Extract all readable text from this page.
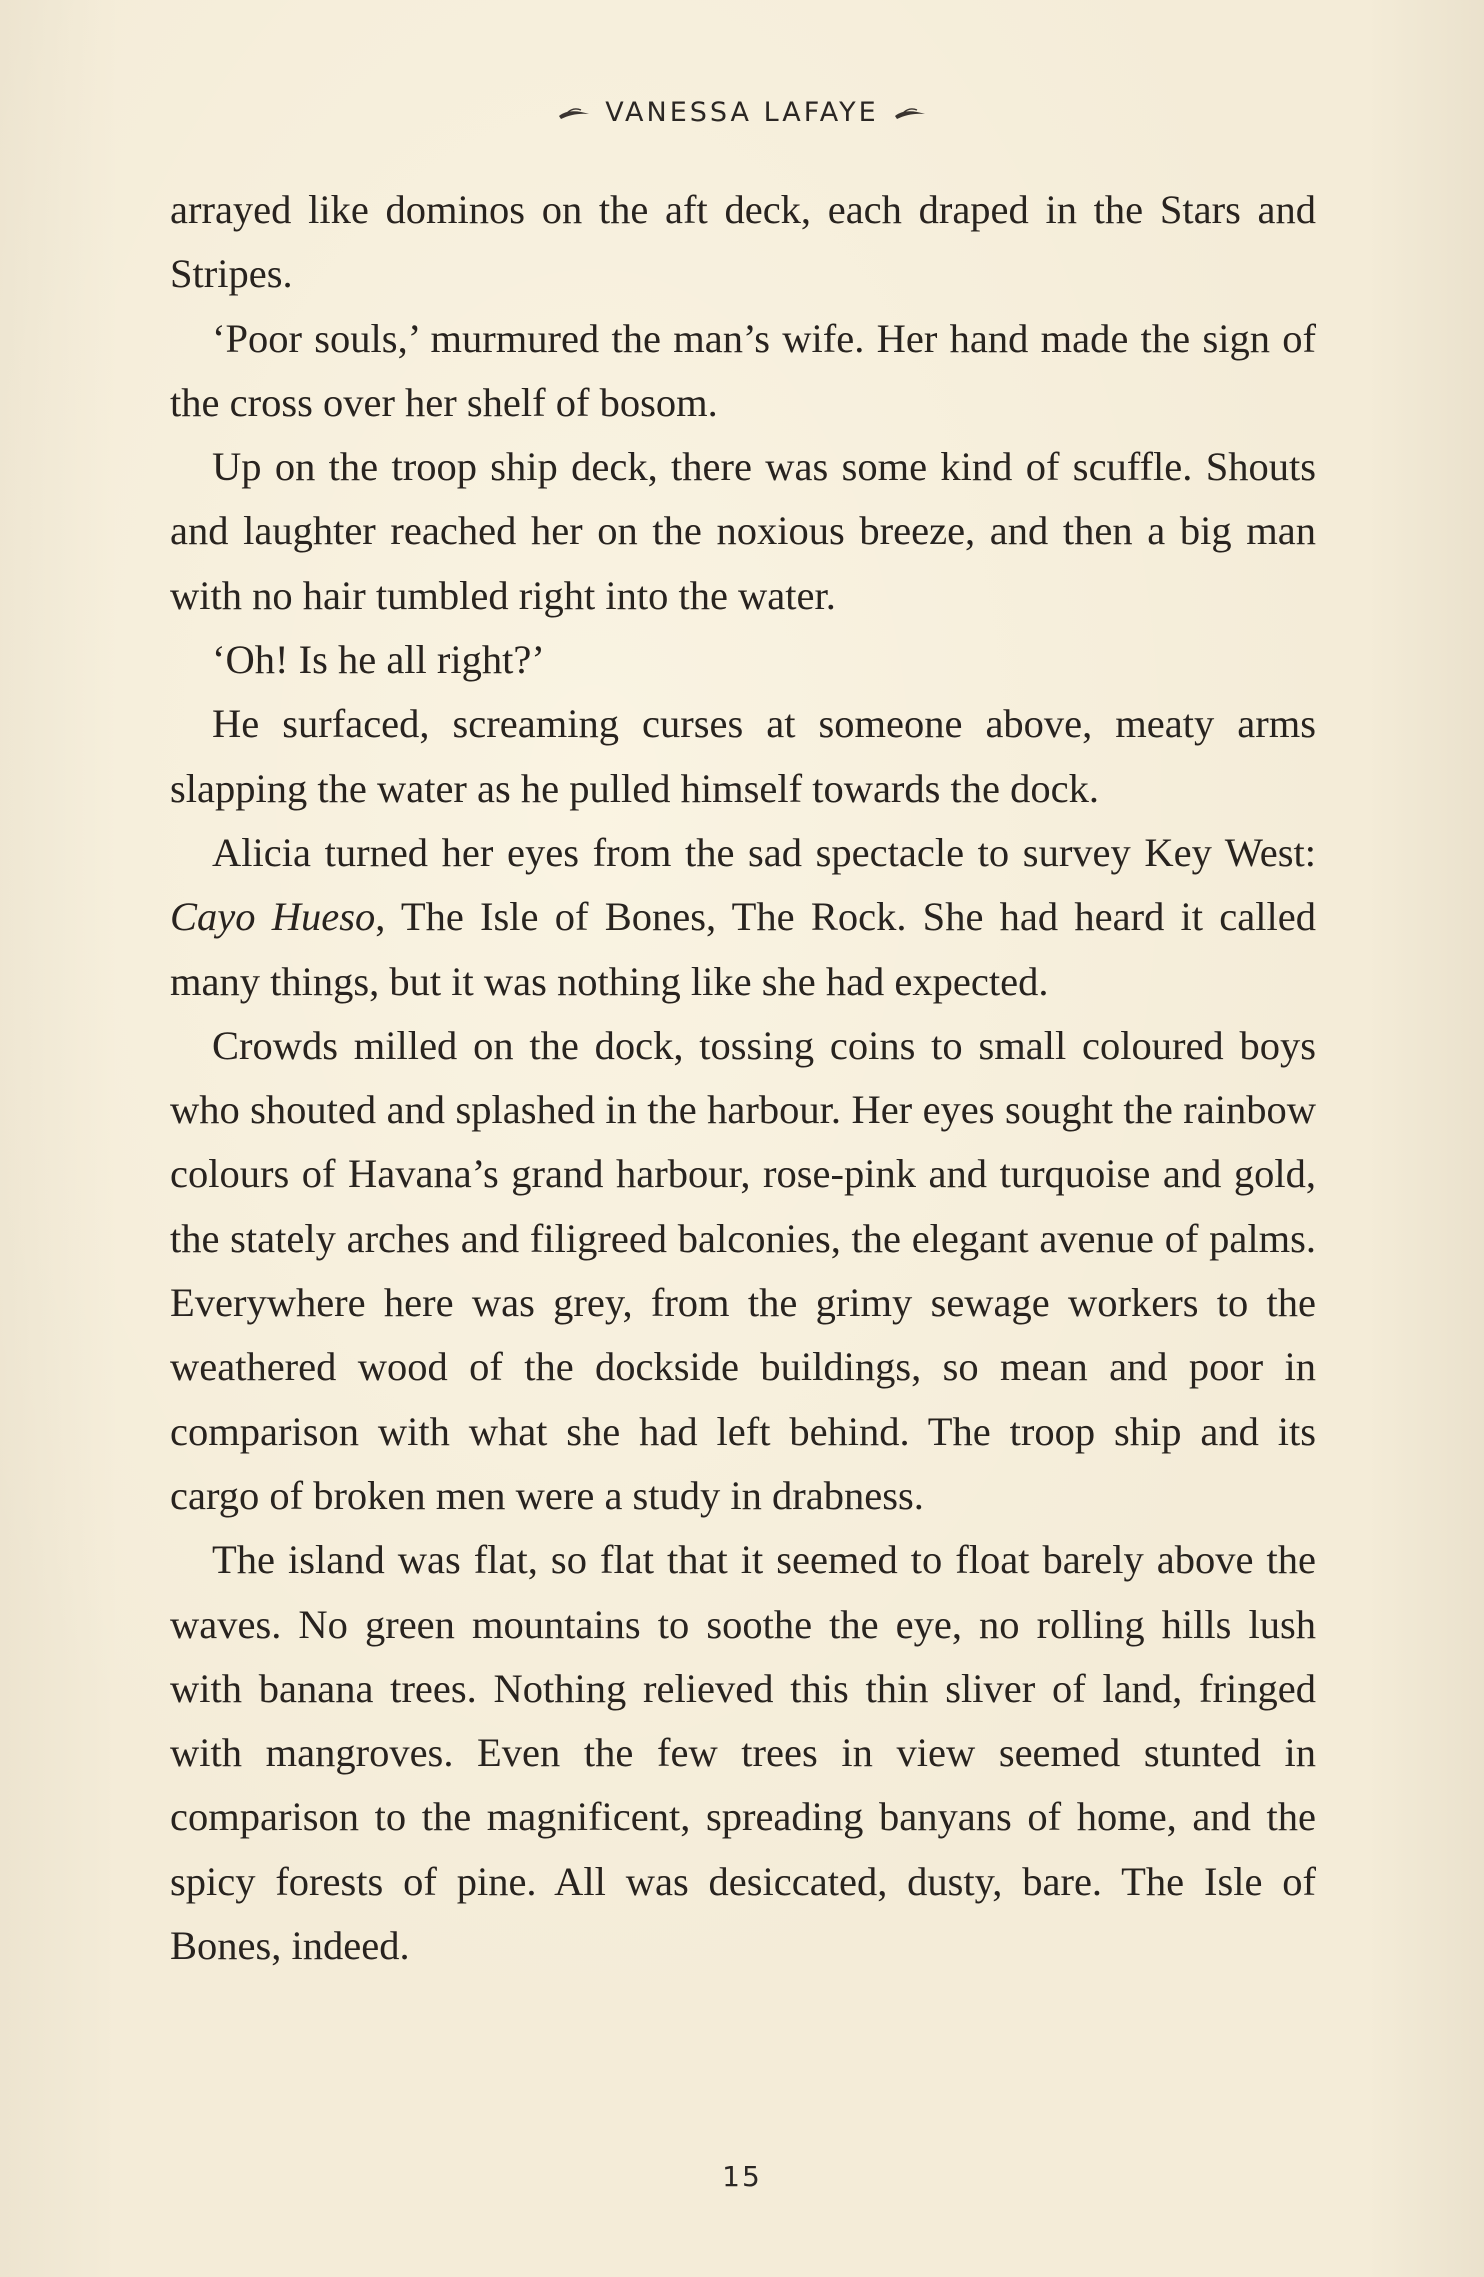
VANESSA LAFAYE

arrayed like dominos on the aft deck, each draped in the Stars and Stripes.

‘Poor souls,’ murmured the man’s wife. Her hand made the sign of the cross over her shelf of bosom.

Up on the troop ship deck, there was some kind of scuffle. Shouts and laughter reached her on the noxious breeze, and then a big man with no hair tumbled right into the water.

‘Oh! Is he all right?’

He surfaced, screaming curses at someone above, meaty arms slapping the water as he pulled himself towards the dock.

Alicia turned her eyes from the sad spectacle to survey Key West: Cayo Hueso, The Isle of Bones, The Rock. She had heard it called many things, but it was nothing like she had expected.

Crowds milled on the dock, tossing coins to small coloured boys who shouted and splashed in the harbour. Her eyes sought the rainbow colours of Havana’s grand harbour, rose-pink and turquoise and gold, the stately arches and filigreed balconies, the elegant avenue of palms. Everywhere here was grey, from the grimy sewage workers to the weathered wood of the dockside buildings, so mean and poor in comparison with what she had left behind. The troop ship and its cargo of broken men were a study in drabness.

The island was flat, so flat that it seemed to float barely above the waves. No green mountains to soothe the eye, no rolling hills lush with banana trees. Nothing relieved this thin sliver of land, fringed with mangroves. Even the few trees in view seemed stunted in comparison to the magnificent, spreading banyans of home, and the spicy forests of pine. All was desiccated, dusty, bare. The Isle of Bones, indeed.

15
